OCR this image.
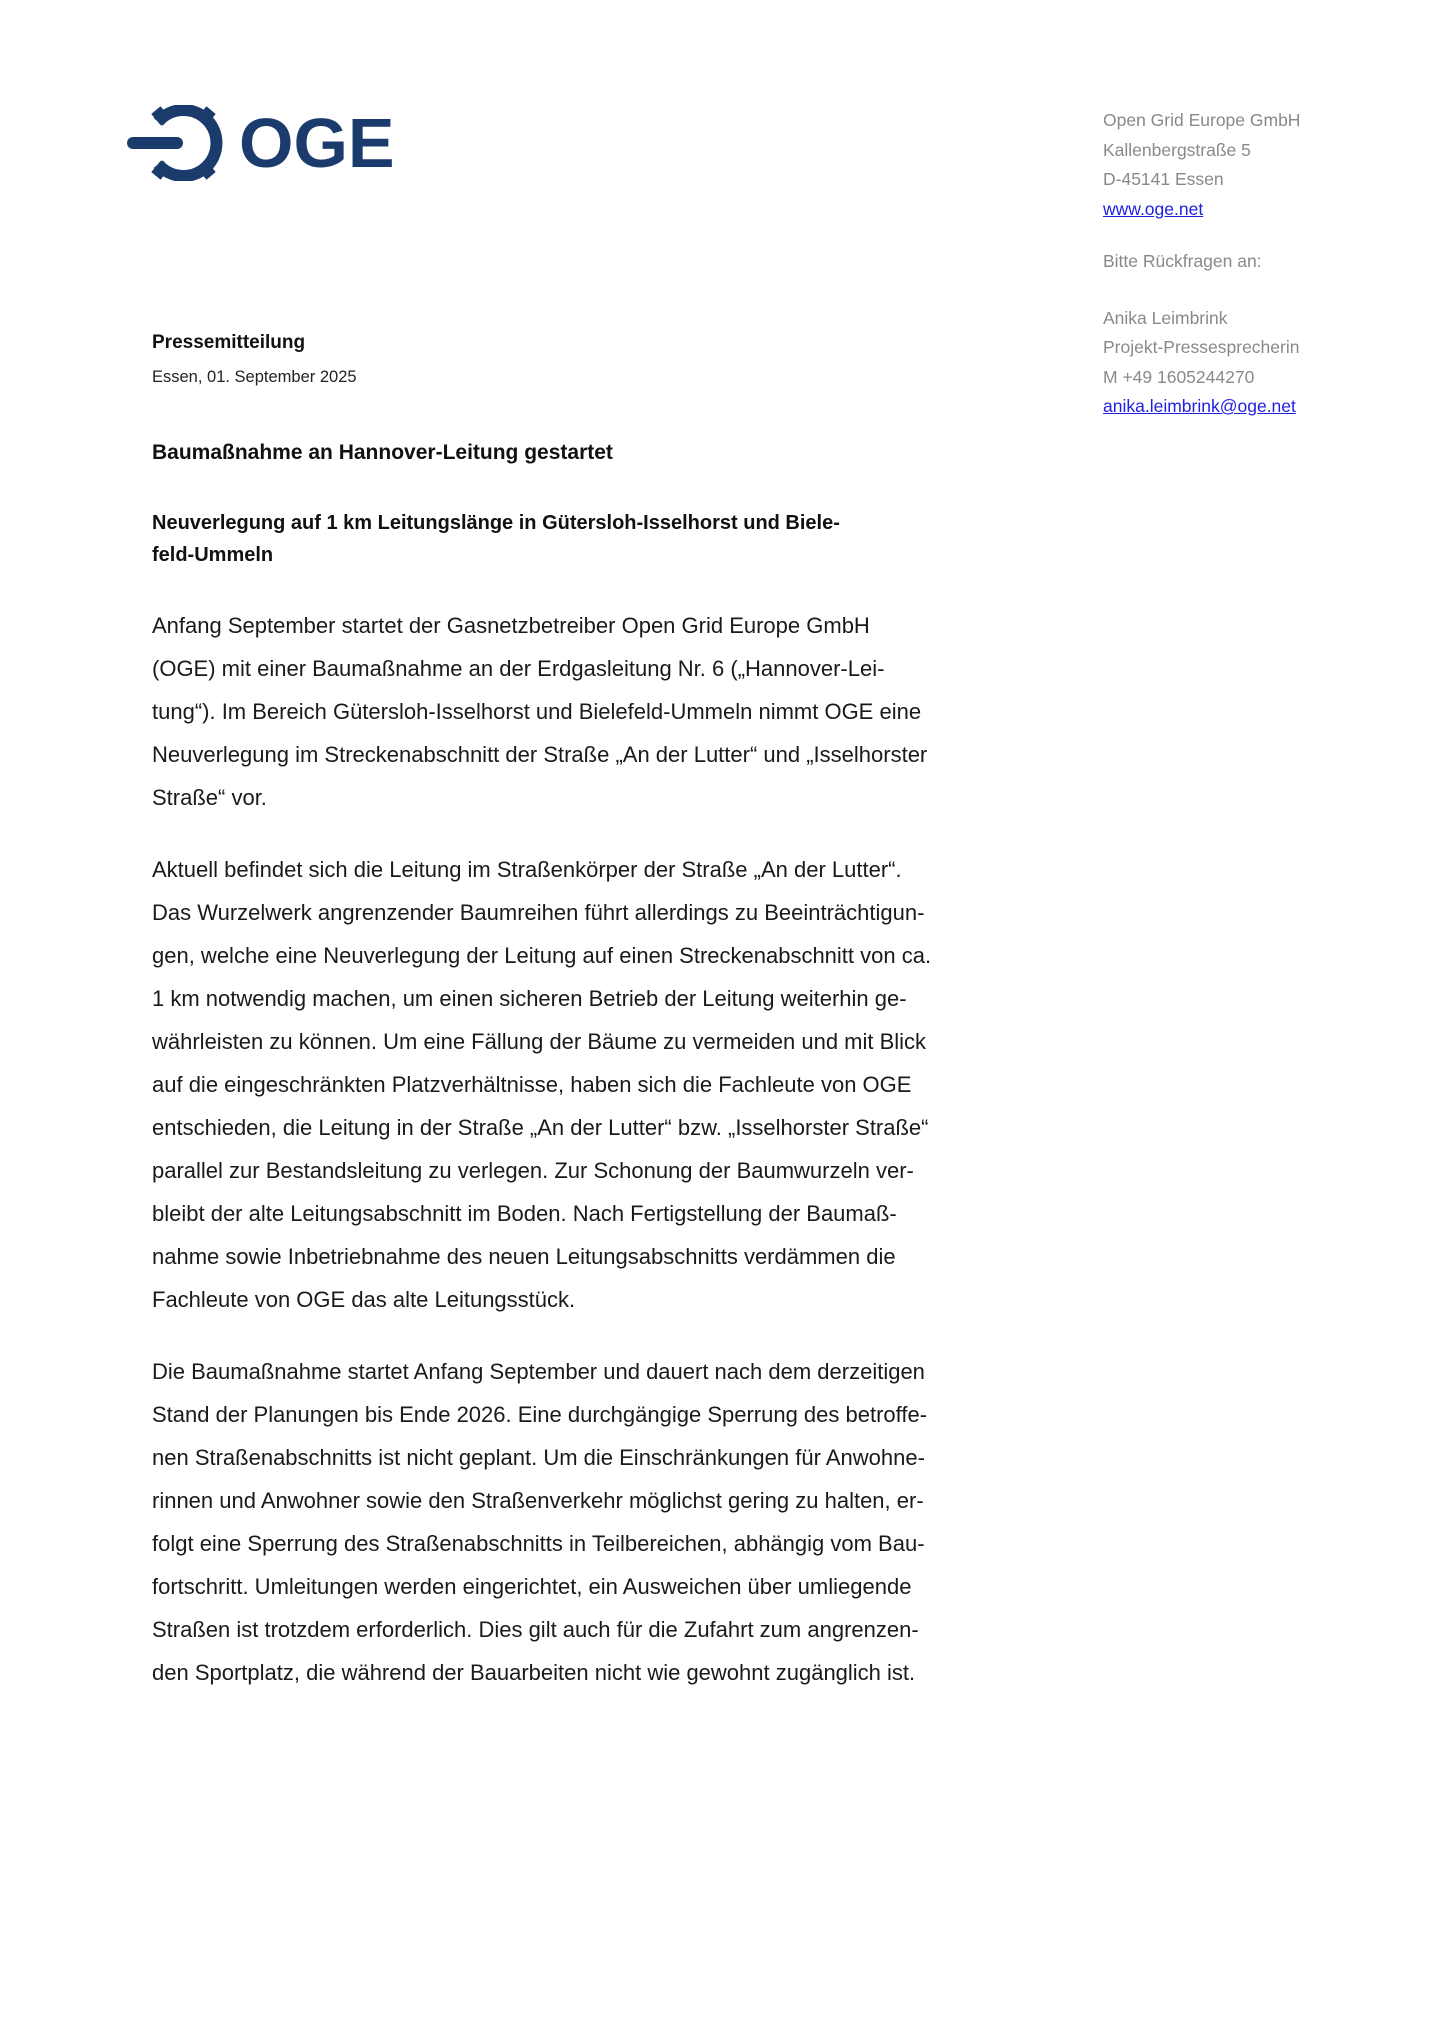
OGE	Open Grid Europe GmbH
Kallenbergstraße 5
D-45141 Essen
www.oge.net
Bitte Rückfragen an:
Anika Leimbrink
Projekt-Pressesprecherin
M +49 1605244270
anika.leimbrink@oge.net
Pressemitteilung
Essen, 01. September 2025
Baumaßnahme an Hannover-Leitung gestartet
Neuverlegung auf 1 km Leitungslänge in Gütersloh-Isselhorst und Biele-
feld-Ummeln
Anfang September startet der Gasnetzbetreiber Open Grid Europe GmbH
(OGE) mit einer Baumaßnahme an der Erdgasleitung Nr. 6 („Hannover-Lei-
tung“). Im Bereich Gütersloh-Isselhorst und Bielefeld-Ummeln nimmt OGE eine
Neuverlegung im Streckenabschnitt der Straße „An der Lutter“ und „Isselhorster
Straße“ vor.
Aktuell befindet sich die Leitung im Straßenkörper der Straße „An der Lutter“.
Das Wurzelwerk angrenzender Baumreihen führt allerdings zu Beeinträchtigun-
gen, welche eine Neuverlegung der Leitung auf einen Streckenabschnitt von ca.
1 km notwendig machen, um einen sicheren Betrieb der Leitung weiterhin ge-
währleisten zu können. Um eine Fällung der Bäume zu vermeiden und mit Blick
auf die eingeschränkten Platzverhältnisse, haben sich die Fachleute von OGE
entschieden, die Leitung in der Straße „An der Lutter“ bzw. „Isselhorster Straße“
parallel zur Bestandsleitung zu verlegen. Zur Schonung der Baumwurzeln ver-
bleibt der alte Leitungsabschnitt im Boden. Nach Fertigstellung der Baumaß-
nahme sowie Inbetriebnahme des neuen Leitungsabschnitts verdämmen die
Fachleute von OGE das alte Leitungsstück.
Die Baumaßnahme startet Anfang September und dauert nach dem derzeitigen
Stand der Planungen bis Ende 2026. Eine durchgängige Sperrung des betroffe-
nen Straßenabschnitts ist nicht geplant. Um die Einschränkungen für Anwohne-
rinnen und Anwohner sowie den Straßenverkehr möglichst gering zu halten, er-
folgt eine Sperrung des Straßenabschnitts in Teilbereichen, abhängig vom Bau-
fortschritt. Umleitungen werden eingerichtet, ein Ausweichen über umliegende
Straßen ist trotzdem erforderlich. Dies gilt auch für die Zufahrt zum angrenzen-
den Sportplatz, die während der Bauarbeiten nicht wie gewohnt zugänglich ist.
